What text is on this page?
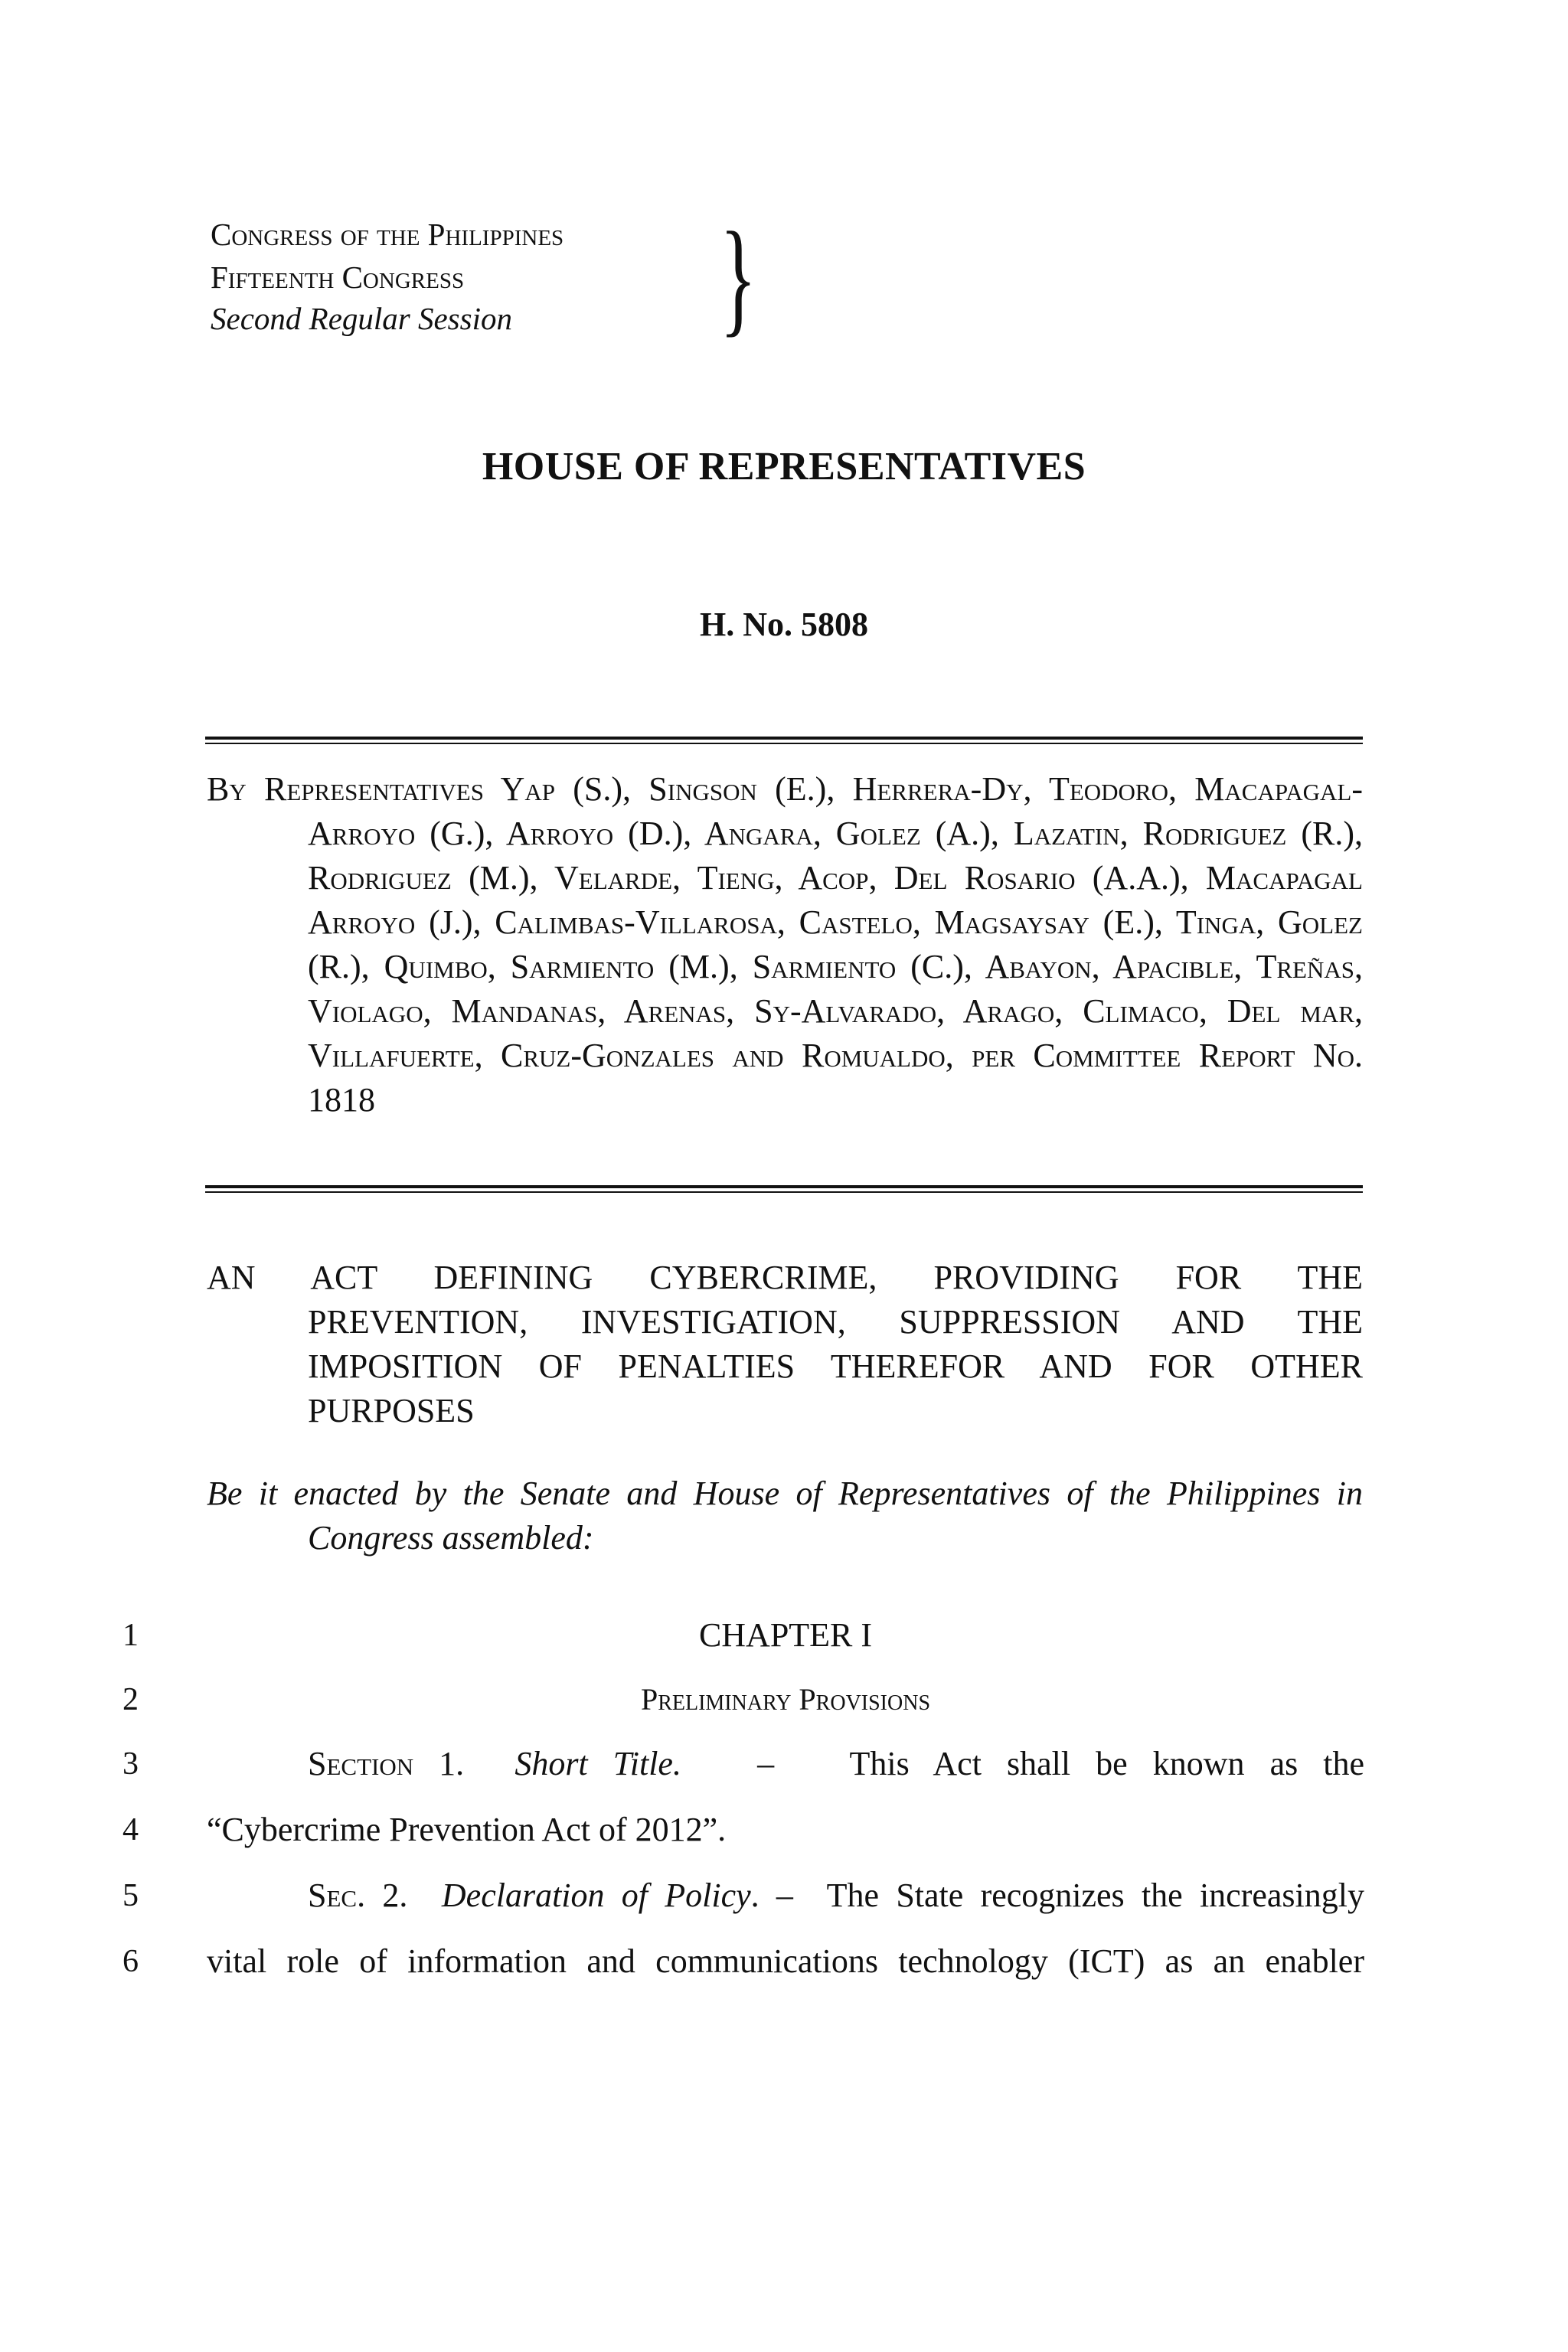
Congress of the Philippines
Fifteenth Congress
Second Regular Session }
HOUSE OF REPRESENTATIVES
H. No. 5808
By Representatives Yap (S.), Singson (E.), Herrera-Dy, Teodoro, Macapagal-Arroyo (G.), Arroyo (D.), Angara, Golez (A.), Lazatin, Rodriguez (R.), Rodriguez (M.), Velarde, Tieng, Acop, Del Rosario (A.A.), Macapagal Arroyo (J.), Calimbas-Villarosa, Castelo, Magsaysay (E.), Tinga, Golez (R.), Quimbo, Sarmiento (M.), Sarmiento (C.), Abayon, Apacible, Treñas, Violago, Mandanas, Arenas, Sy-Alvarado, Arago, Climaco, Del mar, Villafuerte, Cruz-Gonzales and Romualdo, per Committee Report No. 1818
AN ACT DEFINING CYBERCRIME, PROVIDING FOR THE PREVENTION, INVESTIGATION, SUPPRESSION AND THE IMPOSITION OF PENALTIES THEREFOR AND FOR OTHER PURPOSES
Be it enacted by the Senate and House of Representatives of the Philippines in Congress assembled:
1
2
3
4
5
6
CHAPTER I
Preliminary Provisions
Section 1. Short Title. – This Act shall be known as the
“Cybercrime Prevention Act of 2012”.
Sec. 2. Declaration of Policy. – The State recognizes the increasingly
vital role of information and communications technology (ICT) as an enabler
